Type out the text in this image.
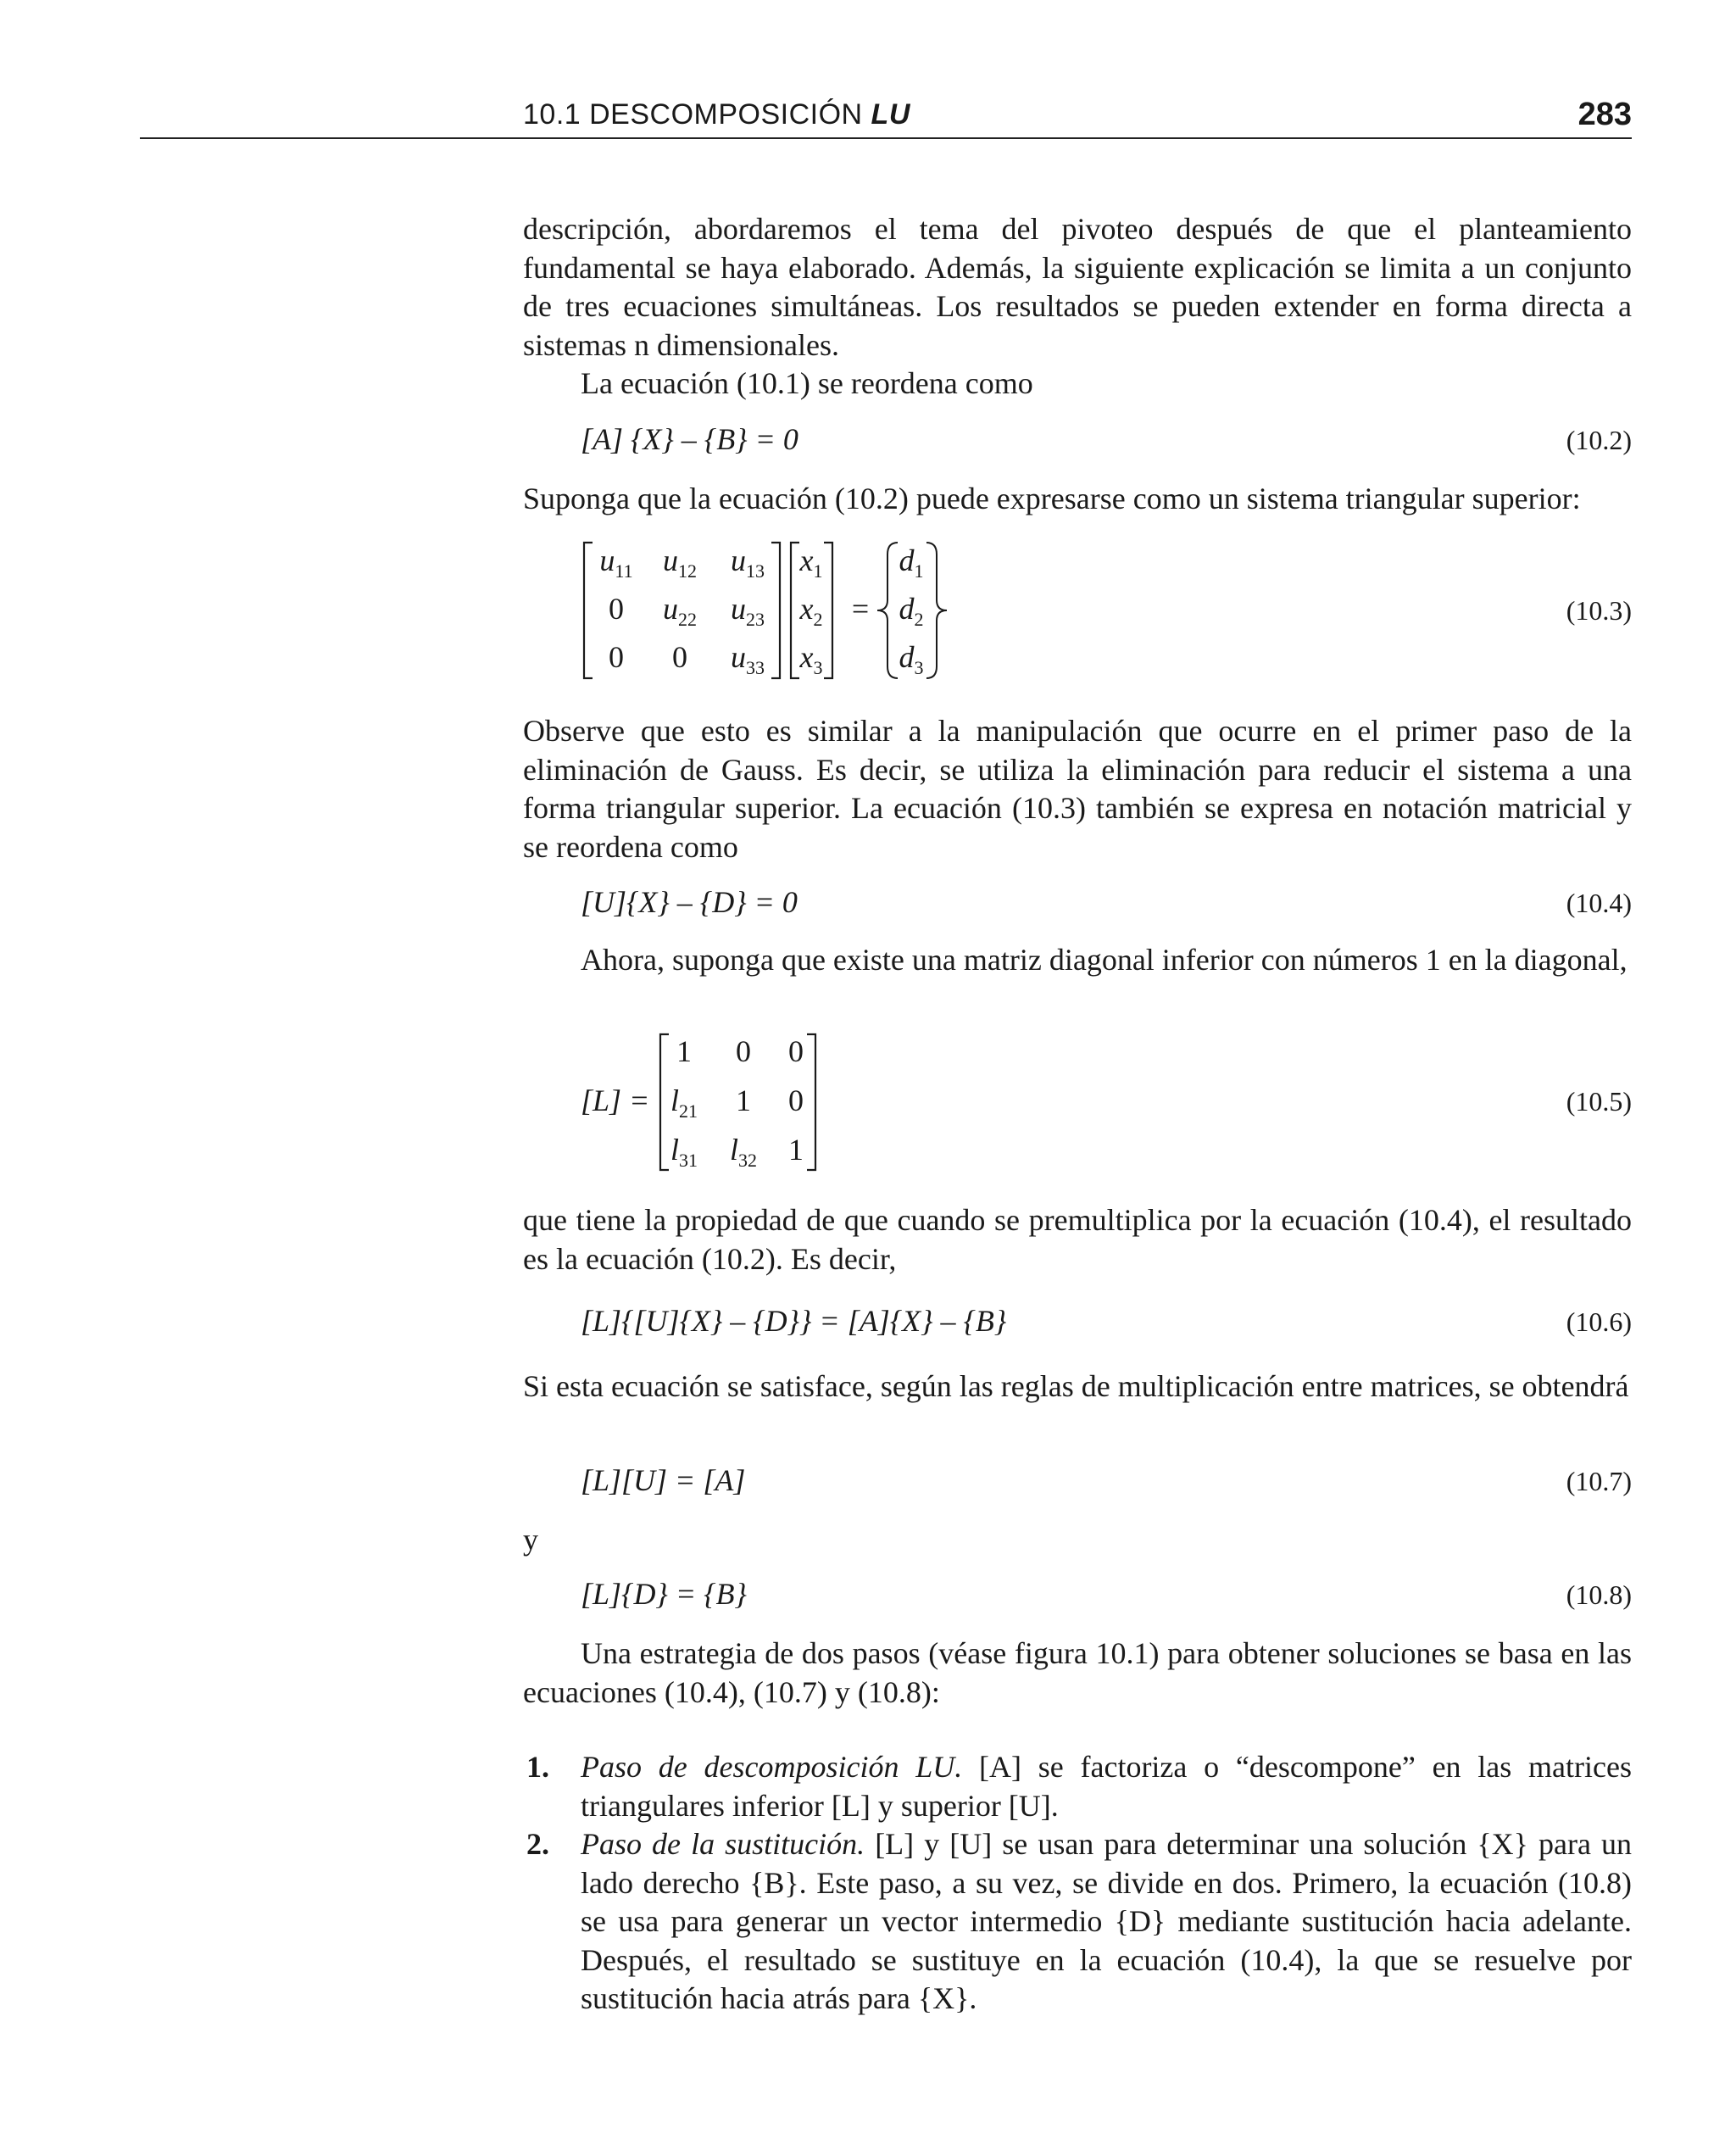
10.1 DESCOMPOSICIÓN LU	283

descripción, abordaremos el tema del pivoteo después de que el planteamiento fundamental se haya elaborado. Además, la siguiente explicación se limita a un conjunto de tres ecuaciones simultáneas. Los resultados se pueden extender en forma directa a sistemas n dimensionales.

La ecuación (10.1) se reordena como

[A] {X} – {B} = 0	(10.2)

Suponga que la ecuación (10.2) puede expresarse como un sistema triangular superior:

$u_{11}$ $u_{12}$ $u_{13}$
0 $u_{22}$ $u_{23}$
0 0 $u_{33}$
$x_1$
$x_2$
$x_3$
=
$d_1$
$d_2$
$d_3$
(10.3)

Observe que esto es similar a la manipulación que ocurre en el primer paso de la eliminación de Gauss. Es decir, se utiliza la eliminación para reducir el sistema a una forma triangular superior. La ecuación (10.3) también se expresa en notación matricial y se reordena como

[U]{X} – {D} = 0	(10.4)

Ahora, suponga que existe una matriz diagonal inferior con números 1 en la diagonal,

[L] =
1 0 0
$l_{21}$ 1 0
$l_{31}$ $l_{32}$ 1
(10.5)

que tiene la propiedad de que cuando se premultiplica por la ecuación (10.4), el resultado es la ecuación (10.2). Es decir,

[L]{[U]{X} – {D}} = [A]{X} – {B}	(10.6)

Si esta ecuación se satisface, según las reglas de multiplicación entre matrices, se obtendrá

[L][U] = [A]	(10.7)

y

[L]{D} = {B}	(10.8)

Una estrategia de dos pasos (véase figura 10.1) para obtener soluciones se basa en las ecuaciones (10.4), (10.7) y (10.8):

1. Paso de descomposición LU. [A] se factoriza o “descompone” en las matrices triangulares inferior [L] y superior [U].

2. Paso de la sustitución. [L] y [U] se usan para determinar una solución {X} para un lado derecho {B}. Este paso, a su vez, se divide en dos. Primero, la ecuación (10.8) se usa para generar un vector intermedio {D} mediante sustitución hacia adelante. Después, el resultado se sustituye en la ecuación (10.4), la que se resuelve por sustitución hacia atrás para {X}.
